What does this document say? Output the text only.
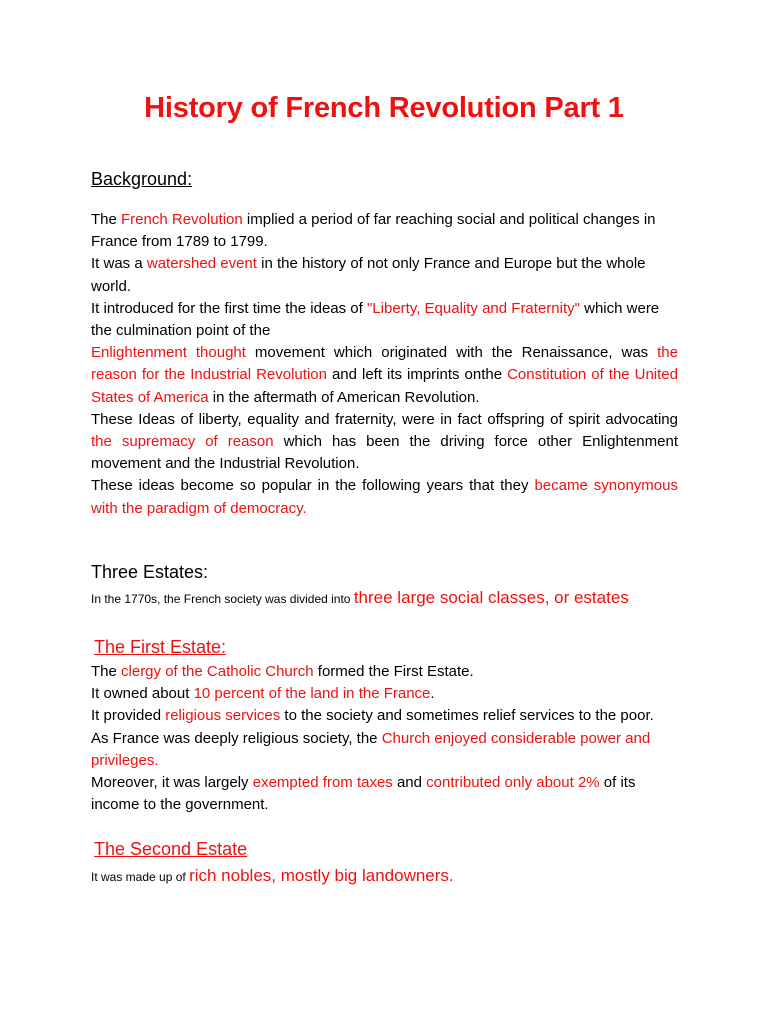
History of French Revolution Part 1
Background:

The French Revolution implied a period of far reaching social and political changes in France from 1789 to 1799.

It was a watershed event in the history of not only France and Europe but the whole world.

It introduced for the first time the ideas of "Liberty, Equality and Fraternity" which were the culmination point of the

Enlightenment thought movement which originated with the Renaissance, was the reason for the Industrial Revolution and left its imprints onthe Constitution of the United States of America in the aftermath of American Revolution.

These Ideas of liberty, equality and fraternity, were in fact offspring of spirit advocating the supremacy of reason which has been the driving force other Enlightenment movement and the Industrial Revolution.

These ideas become so popular in the following years that they became synonymous with the paradigm of democracy.

Three Estates:
In the 1770s, the French society was divided into three large social classes, or estates
The First Estate:

The clergy of the Catholic Church formed the First Estate.

It owned about 10 percent of the land in the France.

It provided religious services to the society and sometimes relief services to the poor.

As France was deeply religious society, the Church enjoyed considerable power and privileges.

Moreover, it was largely exempted from taxes and contributed only about 2% of its income to the government.

The Second Estate
It was made up of rich nobles, mostly big landowners.
